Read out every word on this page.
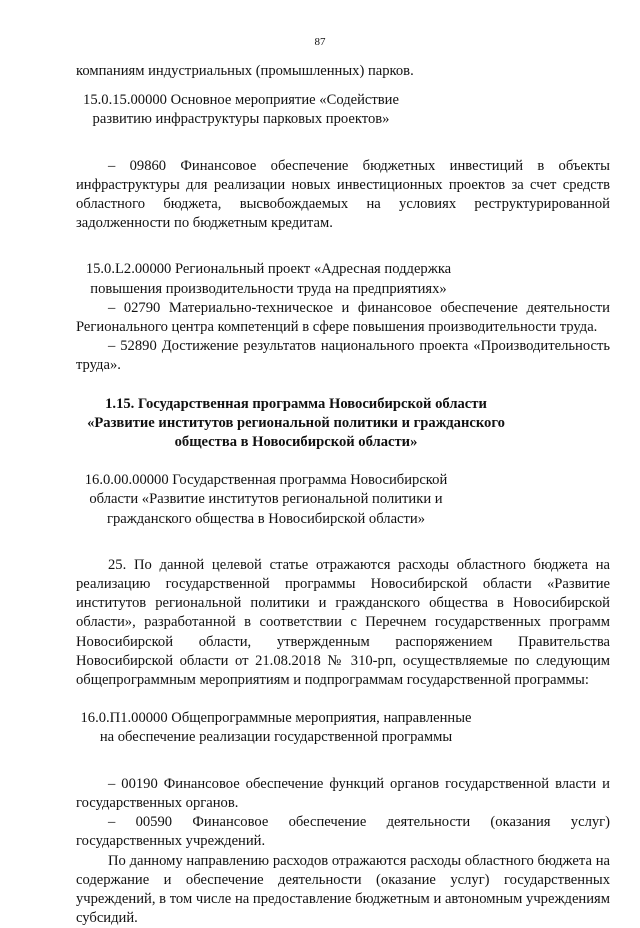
87

компаниям индустриальных (промышленных) парков.

15.0.15.00000 Основное мероприятие «Содействие развитию инфраструктуры парковых проектов»

– 09860 Финансовое обеспечение бюджетных инвестиций в объекты инфраструктуры для реализации новых инвестиционных проектов за счет средств областного бюджета, высвобождаемых на условиях реструктурированной задолженности по бюджетным кредитам.

15.0.L2.00000 Региональный проект «Адресная поддержка повышения производительности труда на предприятиях»

– 02790 Материально-техническое и финансовое обеспечение деятельности Регионального центра компетенций в сфере повышения производительности труда.

– 52890 Достижение результатов национального проекта «Производительность труда».

1.15. Государственная программа Новосибирской области «Развитие институтов региональной политики и гражданского общества в Новосибирской области»

16.0.00.00000 Государственная программа Новосибирской области «Развитие институтов региональной политики и гражданского общества в Новосибирской области»

25. По данной целевой статье отражаются расходы областного бюджета на реализацию государственной программы Новосибирской области «Развитие институтов региональной политики и гражданского общества в Новосибирской области», разработанной в соответствии с Перечнем государственных программ Новосибирской области, утвержденным распоряжением Правительства Новосибирской области от 21.08.2018 № 310-рп, осуществляемые по следующим общепрограммным мероприятиям и подпрограммам государственной программы:

16.0.П1.00000 Общепрограммные мероприятия, направленные на обеспечение реализации государственной программы

– 00190 Финансовое обеспечение функций органов государственной власти и государственных органов.

– 00590 Финансовое обеспечение деятельности (оказания услуг) государственных учреждений.

По данному направлению расходов отражаются расходы областного бюджета на содержание и обеспечение деятельности (оказание услуг) государственных учреждений, в том числе на предоставление бюджетным и автономным учреждениям субсидий.
